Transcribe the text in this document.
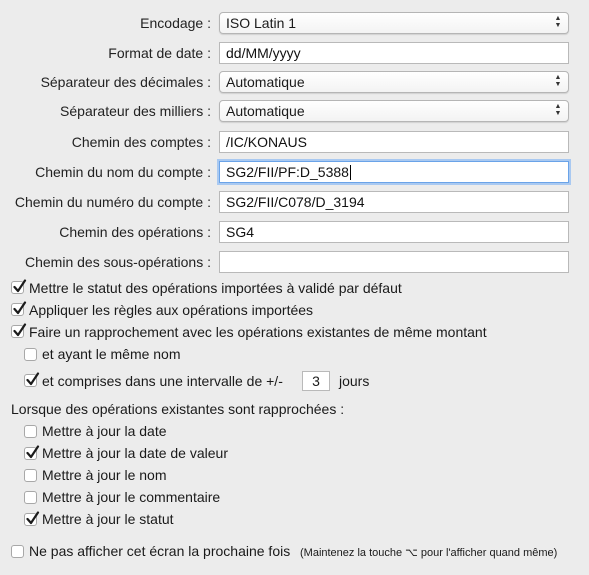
Encodage :	ISO Latin 1	▲
▼
Format de date :	dd/MM/yyyy
Séparateur des décimales :	Automatique	▲
▼
Séparateur des milliers :	Automatique	▲
▼
Chemin des comptes :	/IC/KONAUS
Chemin du nom du compte :	SG2/FII/PF:D_5388
Chemin du numéro du compte :	SG2/FII/C078/D_3194
Chemin des opérations :	SG4
Chemin des sous-opérations :
Mettre le statut des opérations importées à validé par défaut
Appliquer les règles aux opérations importées
Faire un rapprochement avec les opérations existantes de même montant
et ayant le même nom
et comprises dans une intervalle de +/-	3	jours
Lorsque des opérations existantes sont rapprochées :
Mettre à jour la date
Mettre à jour la date de valeur
Mettre à jour le nom
Mettre à jour le commentaire
Mettre à jour le statut
Ne pas afficher cet écran la prochaine fois (Maintenez la touche ⌥ pour l'afficher quand même)
